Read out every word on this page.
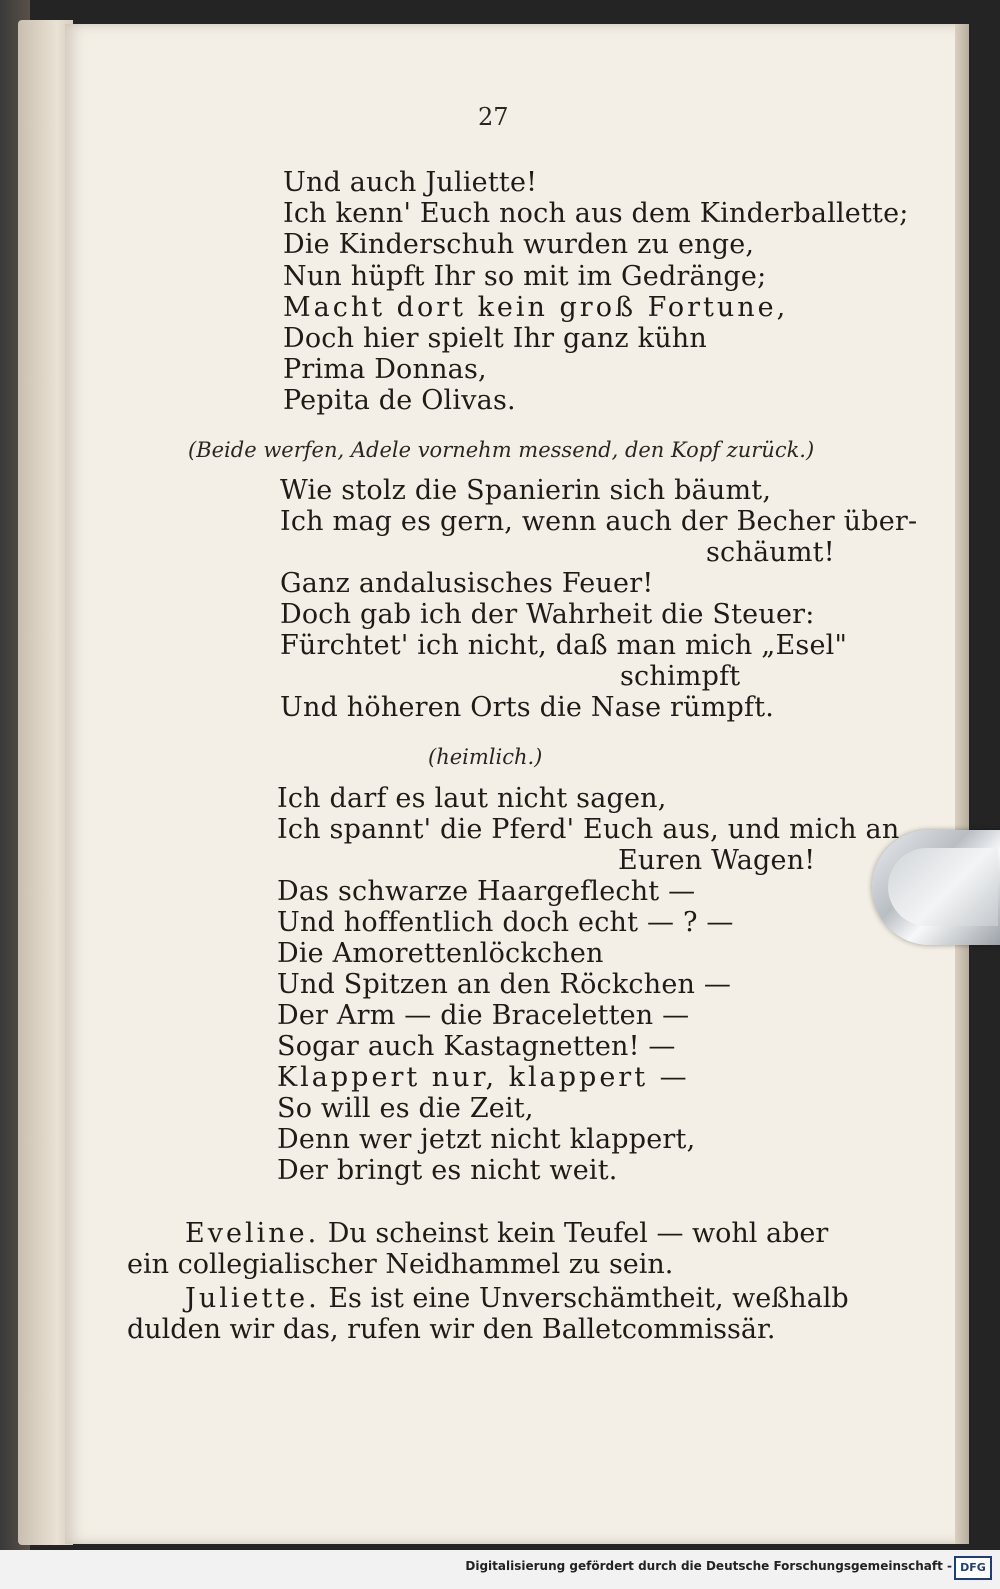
27
Und auch Juliette!
Ich kenn' Euch noch aus dem Kinderballette;
Die Kinderschuh wurden zu enge,
Nun hüpft Ihr so mit im Gedränge;
Macht dort kein groß Fortune,
Doch hier spielt Ihr ganz kühn
Prima Donnas,
Pepita de Olivas.
(Beide werfen, Adele vornehm messend, den Kopf zurück.)
Wie stolz die Spanierin sich bäumt,
Ich mag es gern, wenn auch der Becher über-
schäumt!
Ganz andalusisches Feuer!
Doch gab ich der Wahrheit die Steuer:
Fürchtet' ich nicht, daß man mich „Esel"
schimpft
Und höheren Orts die Nase rümpft.
(heimlich.)
Ich darf es laut nicht sagen,
Ich spannt' die Pferd' Euch aus, und mich an
Euren Wagen!
Das schwarze Haargeflecht —
Und hoffentlich doch echt — ? —
Die Amorettenlöckchen
Und Spitzen an den Röckchen —
Der Arm — die Braceletten —
Sogar auch Kastagnetten! —
Klappert nur, klappert —
So will es die Zeit,
Denn wer jetzt nicht klappert,
Der bringt es nicht weit.
Eveline. Du scheinst kein Teufel — wohl aber
ein collegialischer Neidhammel zu sein.
Juliette. Es ist eine Unverschämtheit, weßhalb
dulden wir das, rufen wir den Balletcommissär.
Digitalisierung gefördert durch die Deutsche Forschungsgemeinschaft - DFG
